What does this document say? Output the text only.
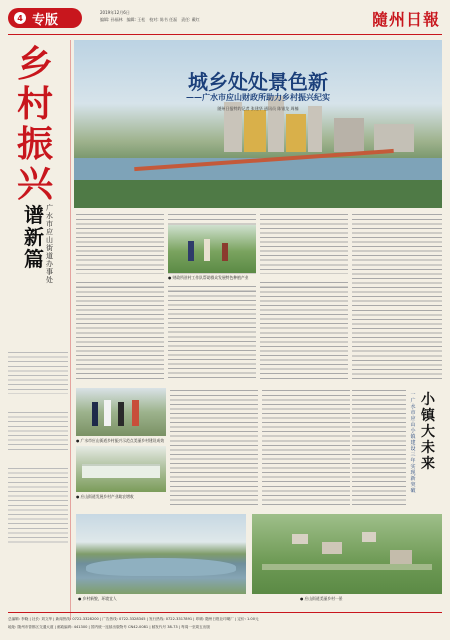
4 专版	2019年12月6日
编辑: 孙福林　编辑: 王松　校对: 陈书 任磊　责任: 戴红	隨州日報
乡
村
振
兴
谱
新
篇
广水市应山街道办事处
城乡处处景色新
——广水市应山财政所助力乡村振兴纪实
随州日报特约记者 张建华 通讯员 陈银龙 周楠
● 财政所驻村工作队帮助群众发展特色种植产业
● 广水市应山街道乡村振兴示范点美丽乡村建设成效
● 应山街道发展乡村产业助农增收
小
镇
大
未
来
一广水市应山小镇建设三年实现新突破
● 乡村新貌，环境宜人	● 应山街道美丽乡村一景
总编辑: 李晓 | 社长: 刘文华 | 新闻热线: 0722-3328200 | 广告热线: 0722-3328345 | 发行热线: 0722-3317891 | 印刷: 随州日报社印刷厂 | 定价: 1.00元
地址: 随州市曾都区交通大道 | 邮政编码: 441300 | 国内统一连续出版物号 CN42-0081 | 邮发代号 38-73 | 每周一至周五出版
